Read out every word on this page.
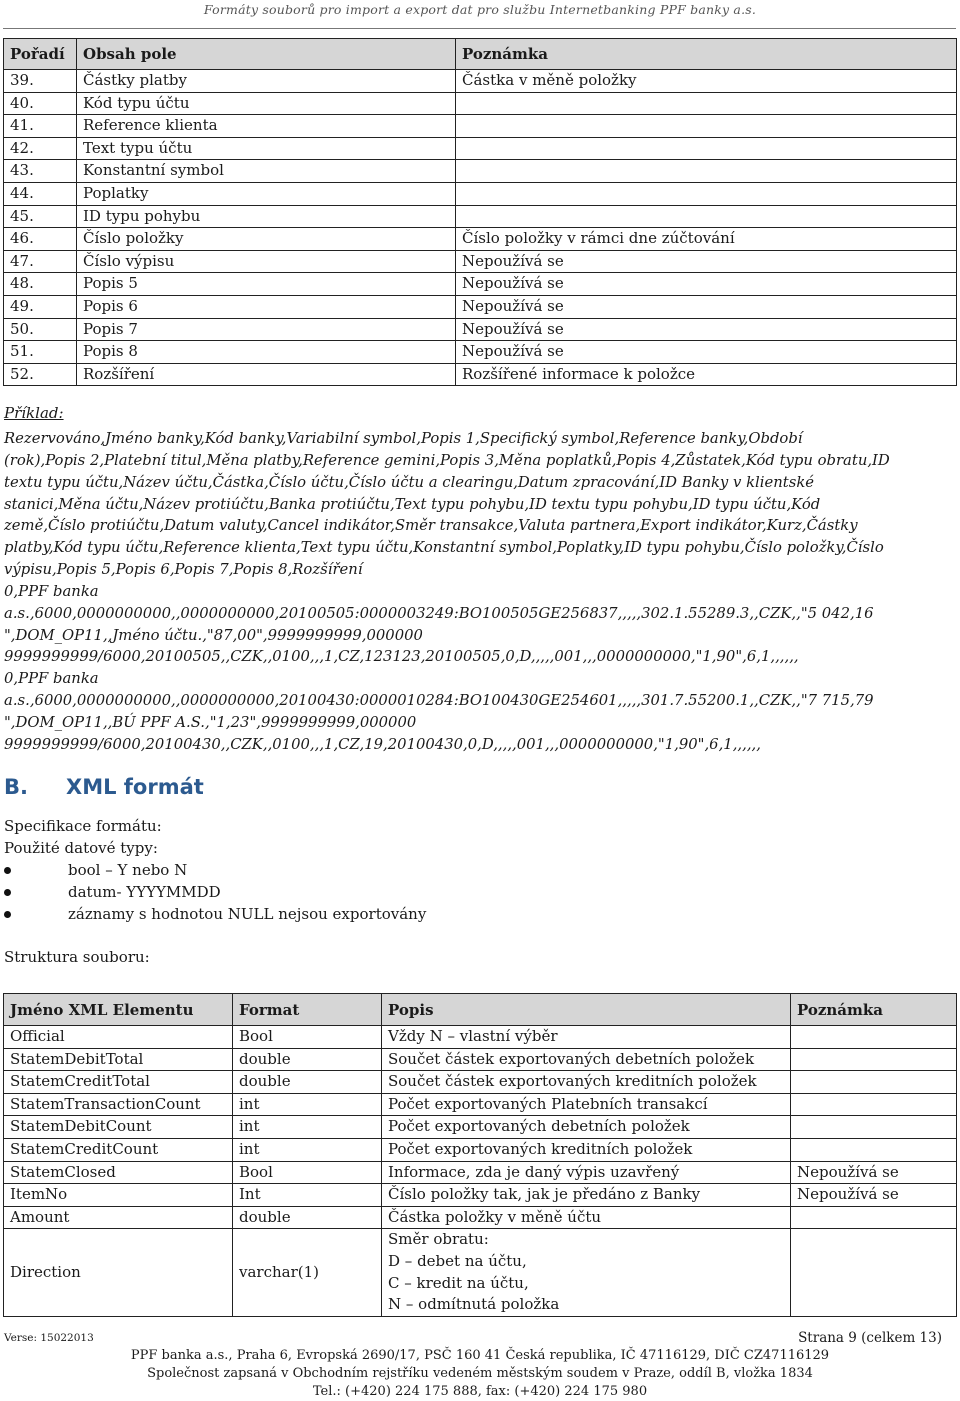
Formáty souborů pro import a export dat pro službu Internetbanking PPF banky a.s.
Pořadí	Obsah pole	Poznámka
39.	Částky platby	Částka v měně položky
40.	Kód typu účtu	
41.	Reference klienta	
42.	Text typu účtu	
43.	Konstantní symbol	
44.	Poplatky	
45.	ID typu pohybu	
46.	Číslo položky	Číslo položky v rámci dne zúčtování
47.	Číslo výpisu	Nepoužívá se
48.	Popis 5	Nepoužívá se
49.	Popis 6	Nepoužívá se
50.	Popis 7	Nepoužívá se
51.	Popis 8	Nepoužívá se
52.	Rozšíření	Rozšířené informace k položce
Příklad:
Rezervováno,Jméno banky,Kód banky,Variabilní symbol,Popis 1,Specifický symbol,Reference banky,Období
(rok),Popis 2,Platební titul,Měna platby,Reference gemini,Popis 3,Měna poplatků,Popis 4,Zůstatek,Kód typu obratu,ID
textu typu účtu,Název účtu,Částka,Číslo účtu,Číslo účtu a clearingu,Datum zpracování,ID Banky v klientské
stanici,Měna účtu,Název protiúčtu,Banka protiúčtu,Text typu pohybu,ID textu typu pohybu,ID typu účtu,Kód
země,Číslo protiúčtu,Datum valuty,Cancel indikátor,Směr transakce,Valuta partnera,Export indikátor,Kurz,Částky
platby,Kód typu účtu,Reference klienta,Text typu účtu,Konstantní symbol,Poplatky,ID typu pohybu,Číslo položky,Číslo
výpisu,Popis 5,Popis 6,Popis 7,Popis 8,Rozšíření
0,PPF banka
a.s.,6000,0000000000,,0000000000,20100505:0000003249:BO100505GE256837,,,,,302.1.55289.3,,CZK,,"5 042,16
",DOM_OP11,,Jméno účtu.,"87,00",9999999999,000000
9999999999/6000,20100505,,CZK,,0100,,,1,CZ,123123,20100505,0,D,,,,,001,,,0000000000,"1,90",6,1,,,,,,
0,PPF banka
a.s.,6000,0000000000,,0000000000,20100430:0000010284:BO100430GE254601,,,,,301.7.55200.1,,CZK,,"7 715,79
",DOM_OP11,,BÚ PPF A.S.,"1,23",9999999999,000000
9999999999/6000,20100430,,CZK,,0100,,,1,CZ,19,20100430,0,D,,,,,001,,,0000000000,"1,90",6,1,,,,,,
B. XML formát
Specifikace formátu:
Použité datové typy:
bool – Y nebo N
datum- YYYYMMDD
záznamy s hodnotou NULL nejsou exportovány
Struktura souboru:
Jméno XML Elementu	Format	Popis	Poznámka
Official	Bool	Vždy N – vlastní výběr	
StatemDebitTotal	double	Součet částek exportovaných debetních položek	
StatemCreditTotal	double	Součet částek exportovaných kreditních položek	
StatemTransactionCount	int	Počet exportovaných Platebních transakcí	
StatemDebitCount	int	Počet exportovaných debetních položek	
StatemCreditCount	int	Počet exportovaných kreditních položek	
StatemClosed	Bool	Informace, zda je daný výpis uzavřený	Nepoužívá se
ItemNo	Int	Číslo položky tak, jak je předáno z Banky	Nepoužívá se
Amount	double	Částka položky v měně účtu	
Direction	varchar(1)	Směr obratu:
D – debet na účtu,
C – kredit na účtu,
N – odmítnutá položka	

Verse: 15022013	Strana 9 (celkem 13)
PPF banka a.s., Praha 6, Evropská 2690/17, PSČ 160 41 Česká republika, IČ 47116129, DIČ CZ47116129
Společnost zapsaná v Obchodním rejstříku vedeném městským soudem v Praze, oddíl B, vložka 1834
Tel.: (+420) 224 175 888, fax: (+420) 224 175 980
